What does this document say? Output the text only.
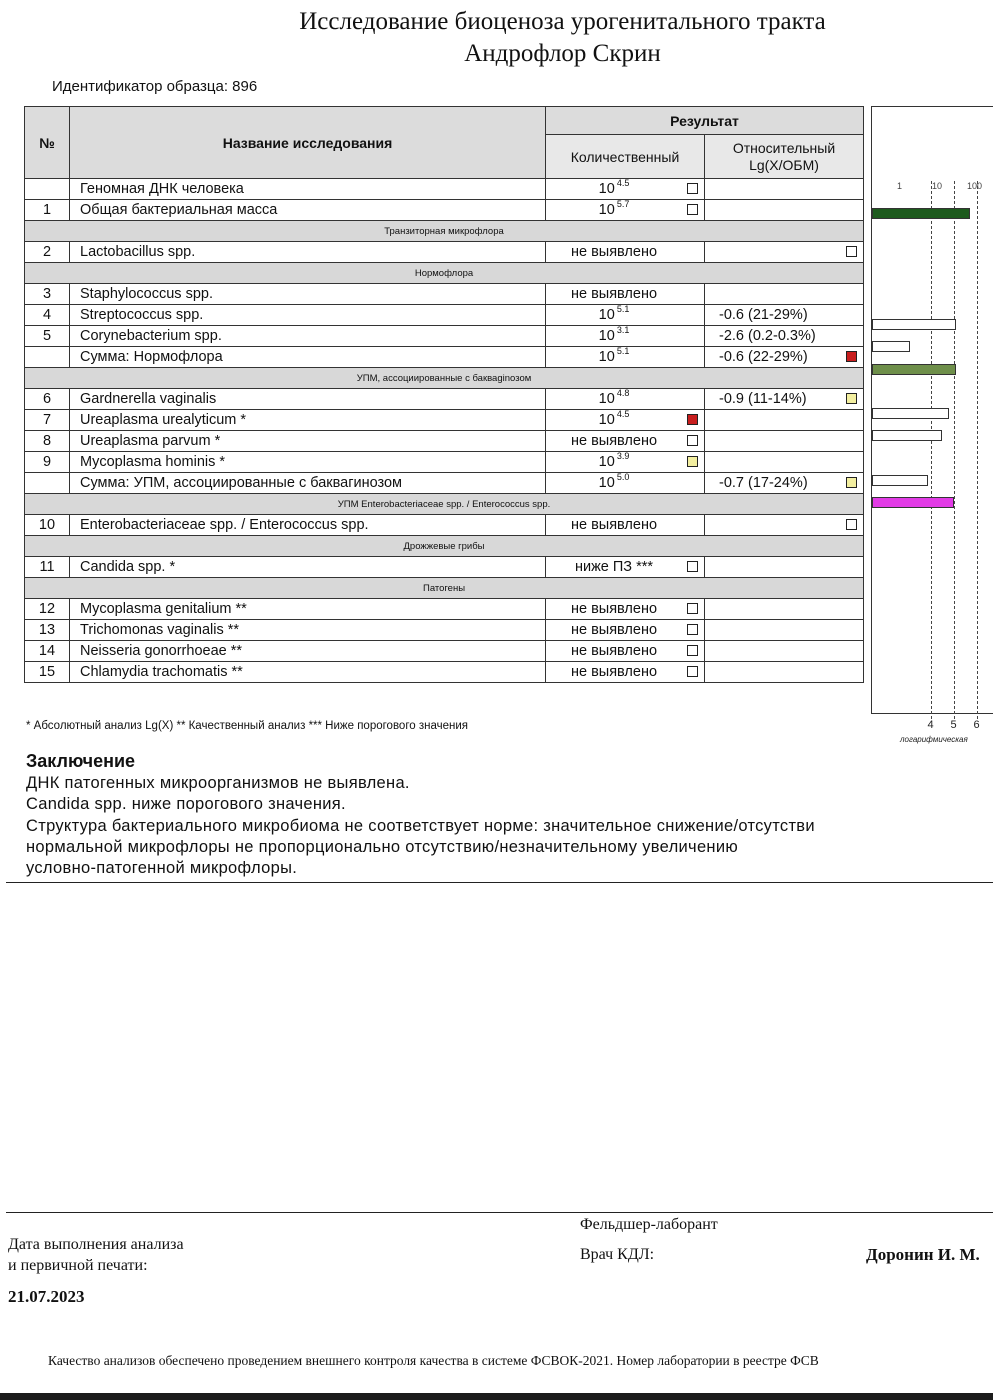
Исследование биоценоза урогенитального тракта
Андрофлор Скрин
Идентификатор образца: 896
№	Название исследования	Результат	
		Количественный	Относительный
Lg(X/ОБМ)
	Геномная ДНК человека	10 $^{4.5}$

1	Общая бактериальная масса	10 $^{5.7}$

Транзиторная микрофлора			
2	Lactobacillus spp.	не выявлено	

Нормофлора			
3	Staphylococcus spp.	не выявлено	
4	Streptococcus spp.	10 $^{5.1}$	-0.6 (21-29%)
5	Corynebacterium spp.	10 $^{3.1}$	-2.6 (0.2-0.3%)
	Сумма: Нормофлора	10 $^{5.1}$	-0.6 (22-29%)

УПМ, ассоциированные с бакваginозом			
6	Gardnerella vaginalis	10 $^{4.8}$	-0.9 (11-14%)

7	Ureaplasma urealyticum *	10 $^{4.5}$

8	Ureaplasma parvum *	не выявлено

9	Mycoplasma hominis *	10 $^{3.9}$

	Сумма: УПМ, ассоциированные с баквагинозом	10 $^{5.0}$	-0.7 (17-24%)

УПМ Enterobacteriaceae spp. / Enterococcus spp.			
10	Enterobacteriaceae spp. / Enterococcus spp.	не выявлено	

Дрожжевые грибы			
11	Candida spp. *	ниже ПЗ ***

Патогены			
12	Mycoplasma genitalium **	не выявлено

13	Trichomonas vaginalis **	не выявлено

14	Neisseria gonorrhoeae **	не выявлено

15	Chlamydia trachomatis **	не выявлено

1	10	100
4 5 6
логарифмическая
* Абсолютный анализ Lg(X) ** Качественный анализ *** Ниже порогового значения
Заключение
ДНК патогенных микроорганизмов не выявлена.
Candida spp. ниже порогового значения.
Структура бактериального микробиома не соответствует норме: значительное снижение/отсутстви
нормальной микрофлоры не пропорционально отсутствию/незначительному увеличению
условно-патогенной микрофлоры.
Дата выполнения анализа
и первичной печати:
21.07.2023
Фельдшер-лаборант
Врач КДЛ:	Доронин И. М.
Качество анализов обеспечено проведением внешнего контроля качества в системе ФСВОК-2021. Номер лаборатории в реестре ФСВ
